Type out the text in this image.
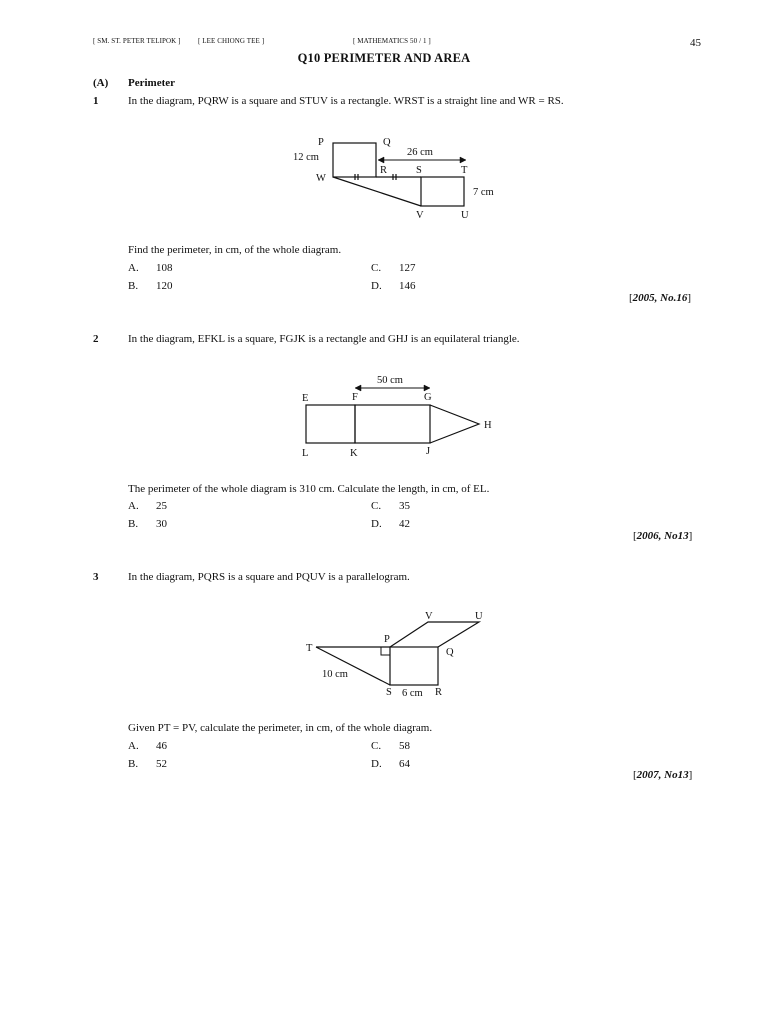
[ SM. ST. PETER TELIPOK ] [ LEE CHIONG TEE ]	[ MATHEMATICS 50 / 1 ]	45
Q10 PERIMETER AND AREA
(A) Perimeter
1	In the diagram, PQRW is a square and STUV is a rectangle. WRST is a straight line and WR = RS.
P	Q
12 cm	26 cm
R	S	T
W
7 cm
V	U
Find the perimeter, in cm, of the whole diagram.
A. 108	C. 127
B. 120	D. 146
[2005, No.16]
2	In the diagram, EFKL is a square, FGJK is a rectangle and GHJ is an equilateral triangle.
50 cm
E	F	G
H
L	K	J
The perimeter of the whole diagram is 310 cm. Calculate the length, in cm, of EL.
A. 25	C. 35
B. 30	D. 42
[2006, No13]
3	In the diagram, PQRS is a square and PQUV is a parallelogram.
V	U
T
P
Q
10 cm
S 6 cm R
Given PT = PV, calculate the perimeter, in cm, of the whole diagram.
A. 46	C. 58
B. 52	D. 64
[2007, No13]
